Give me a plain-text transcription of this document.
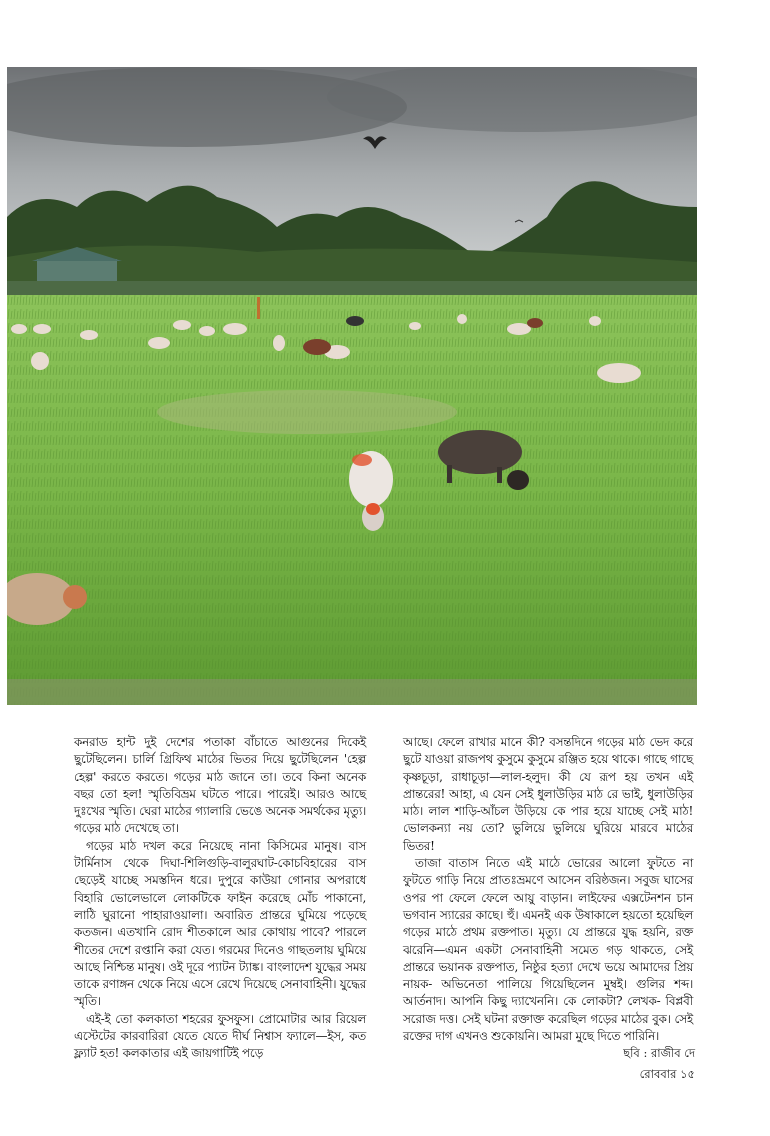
কনরাড হান্ট দুই দেশের পতাকা বাঁচাতে আগুনের দিকেই ছুটেছিলেন। চার্লি গ্রিফিথ মাঠের ভিতর দিয়ে ছুটেছিলেন 'হেল্প হেল্প' করতে করতে। গড়ের মাঠ জানে তা। তবে কিনা অনেক বছর তো হল! স্মৃতিবিভ্রম ঘটতে পারে। পারেই। আরও আছে দুঃখের স্মৃতি। ঘেরা মাঠের গ্যালারি ভেঙে অনেক সমর্থকের মৃত্যু। গড়ের মাঠ দেখেছে তা।

গড়ের মাঠ দখল করে নিয়েছে নানা কিসিমের মানুষ। বাস টার্মিনাস থেকে দিঘা-শিলিগুড়ি-বালুরঘাট-কোচবিহারের বাস ছেড়েই যাচ্ছে সমস্তদিন ধরে। দুপুরে কাউয়া গোনার অপরাধে বিহারি ভোলেভালে লোকটিকে ফাইন করেছে মোঁচ পাকানো, লাঠি ঘুরানো পাহারাওয়ালা। অবারিত প্রান্তরে ঘুমিয়ে পড়েছে কতজন। এতখানি রোদ শীতকালে আর কোথায় পাবে? পারলে শীতের দেশে রপ্তানি করা যেত। গরমের দিনেও গাছতলায় ঘুমিয়ে আছে নিশ্চিন্ত মানুষ। ওই দূরে প্যাটন ট্যাঙ্ক। বাংলাদেশ যুদ্ধের সময় তাকে রণাঙ্গন থেকে নিয়ে এসে রেখে দিয়েছে সেনাবাহিনী। যুদ্ধের স্মৃতি।

এই-ই তো কলকাতা শহরের ফুসফুস। প্রোমোটার আর রিয়েল এস্টেটের কারবারিরা যেতে যেতে দীর্ঘ নিশ্বাস ফ্যালে—ইস, কত ফ্ল্যাট হত! কলকাতার এই জায়গাটিই পড়ে

আছে। ফেলে রাখার মানে কী? বসন্তদিনে গড়ের মাঠ ভেদ করে ছুটে যাওয়া রাজপথ কুসুমে কুসুমে রঞ্জিত হয়ে থাকে। গাছে গাছে কৃষ্ণচূড়া, রাধাচূড়া—লাল-হলুদ। কী যে রূপ হয় তখন এই প্রান্তরের! আহা, এ যেন সেই ধুলাউড়ির মাঠ রে ভাই, ধুলাউড়ির মাঠ। লাল শাড়ি-আঁচল উড়িয়ে কে পার হয়ে যাচ্ছে সেই মাঠ! ভোলকন্যা নয় তো? ভুলিয়ে ভুলিয়ে ঘুরিয়ে মারবে মাঠের ভিতর!

তাজা বাতাস নিতে এই মাঠে ভোরের আলো ফুটতে না ফুটতে গাড়ি নিয়ে প্রাতঃভ্রমণে আসেন বরিষ্ঠজন। সবুজ ঘাসের ওপর পা ফেলে ফেলে আয়ু বাড়ান। লাইফের এক্সটেনশন চান ভগবান স্যারের কাছে। হুঁ। এমনই এক উষাকালে হয়তো হয়েছিল গড়ের মাঠে প্রথম রক্তপাত। মৃত্যু। যে প্রান্তরে যুদ্ধ হয়নি, রক্ত ঝরেনি—এমন একটা সেনাবাহিনী সমেত গড় থাকতে, সেই প্রান্তরে ভয়ানক রক্তপাত, নিষ্ঠুর হত্যা দেখে ভয়ে আমাদের প্রিয় নায়ক- অভিনেতা পালিয়ে গিয়েছিলেন মুম্বই। গুলির শব্দ। আর্তনাদ। আপনি কিছু দ্যাখেননি। কে লোকটা? লেখক- বিপ্লবী সরোজ দত্ত। সেই ঘটনা রক্তাক্ত করেছিল গড়ের মাঠের বুক। সেই রক্তের দাগ এখনও শুকোয়নি। আমরা মুছে দিতে পারিনি।

ছবি : রাজীব দে
রোববার ১৫
